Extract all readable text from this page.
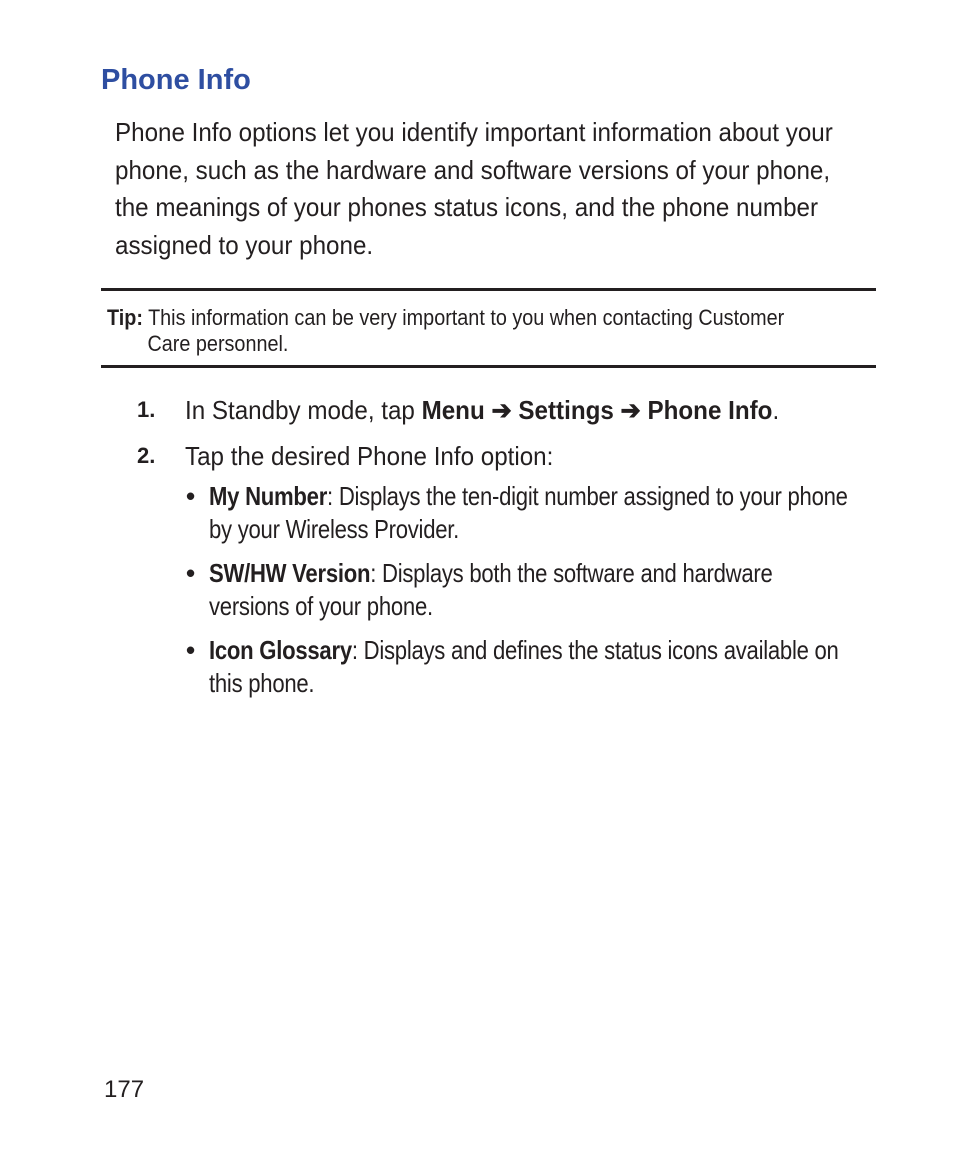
Phone Info

Phone Info options let you identify important information about your phone, such as the hardware and software versions of your phone, the meanings of your phones status icons, and the phone number assigned to your phone.

Tip: This information can be very important to you when contacting Customer
Care personnel.
1. In Standby mode, tap Menu ➔ Settings ➔ Phone Info.
2. Tap the desired Phone Info option:
• My Number: Displays the ten-digit number assigned to your phone by your Wireless Provider.
• SW/HW Version: Displays both the software and hardware versions of your phone.
• Icon Glossary: Displays and defines the status icons available on this phone.
177
